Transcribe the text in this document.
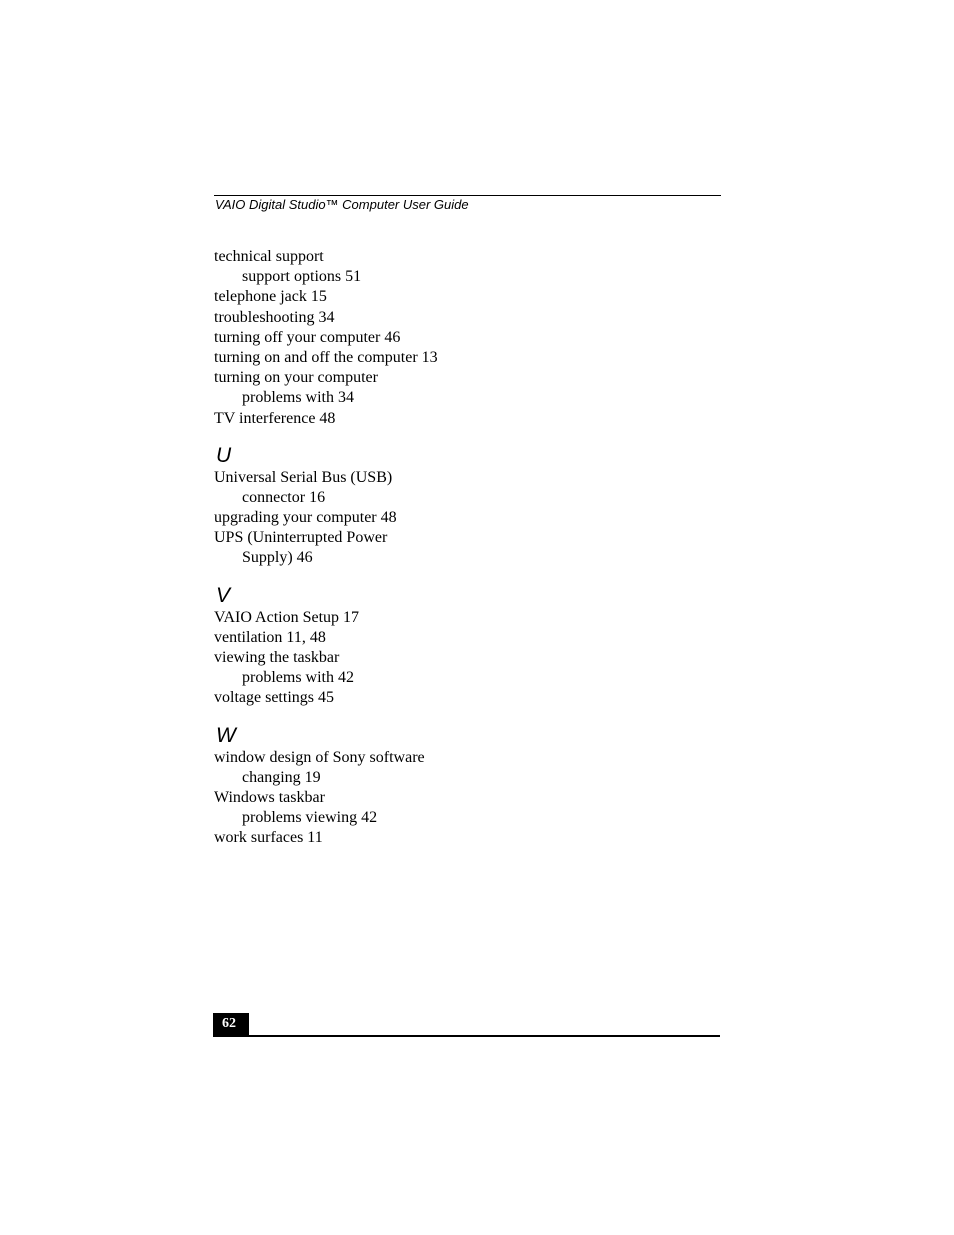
VAIO Digital Studio™ Computer User Guide
technical support
support options 51
telephone jack 15
troubleshooting 34
turning off your computer 46
turning on and off the computer 13
turning on your computer
problems with 34
TV interference 48
U
Universal Serial Bus (USB)
connector 16
upgrading your computer 48
UPS (Uninterrupted Power
Supply) 46
V
VAIO Action Setup 17
ventilation 11, 48
viewing the taskbar
problems with 42
voltage settings 45
W
window design of Sony software
changing 19
Windows taskbar
problems viewing 42
work surfaces 11
62
